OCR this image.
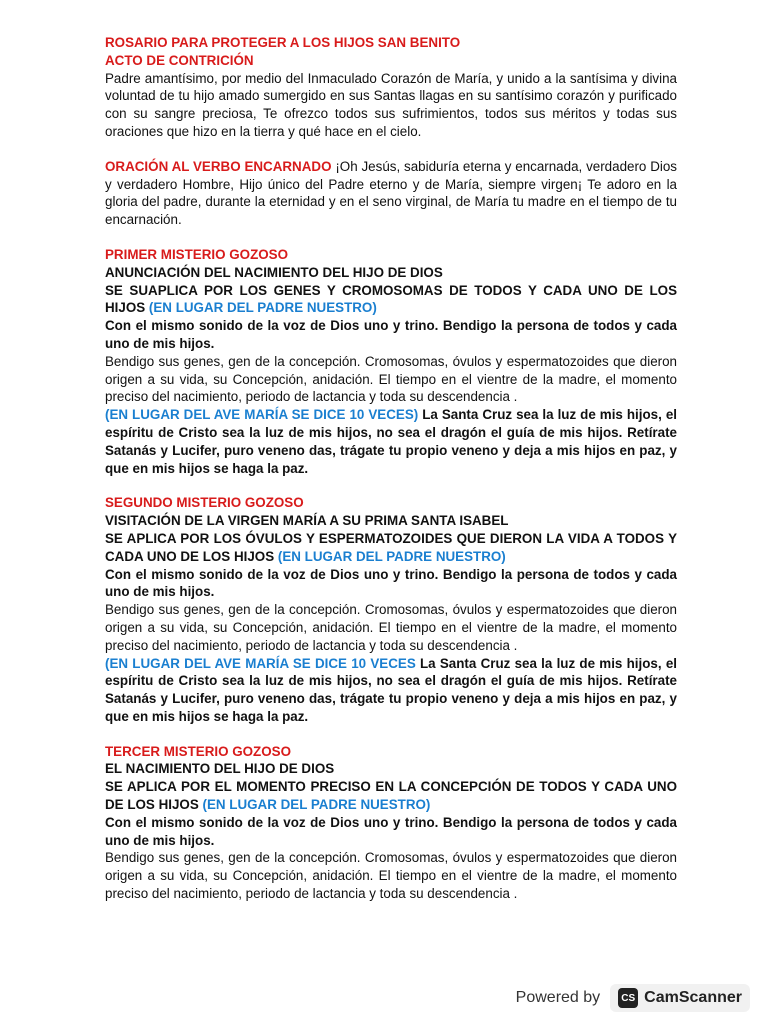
ROSARIO PARA PROTEGER A LOS HIJOS SAN BENITO

ACTO DE CONTRICIÓN

Padre amantísimo, por medio del Inmaculado Corazón de María, y unido a la santísima y divina voluntad de tu hijo amado sumergido en sus Santas llagas en su santísimo corazón y purificado con su sangre preciosa, Te ofrezco todos sus sufrimientos, todos sus méritos y todas sus oraciones que hizo en la tierra y qué hace en el cielo.

ORACIÓN AL VERBO ENCARNADO ¡Oh Jesús, sabiduría eterna y encarnada, verdadero Dios y verdadero Hombre, Hijo único del Padre eterno y de María, siempre virgen¡ Te adoro en la gloria del padre, durante la eternidad y en el seno virginal, de María tu madre en el tiempo de tu encarnación.

PRIMER MISTERIO GOZOSO

ANUNCIACIÓN DEL NACIMIENTO DEL HIJO DE DIOS

SE SUAPLICA POR LOS GENES Y CROMOSOMAS DE TODOS Y CADA UNO DE LOS HIJOS (EN LUGAR DEL PADRE NUESTRO)

Con el mismo sonido de la voz de Dios uno y trino. Bendigo la persona de todos y cada uno de mis hijos.

Bendigo sus genes, gen de la concepción. Cromosomas, óvulos y espermatozoides que dieron origen a su vida, su Concepción, anidación. El tiempo en el vientre de la madre, el momento preciso del nacimiento, periodo de lactancia y toda su descendencia .

(EN LUGAR DEL AVE MARÍA SE DICE 10 VECES) La Santa Cruz sea la luz de mis hijos, el espíritu de Cristo sea la luz de mis hijos, no sea el dragón el guía de mis hijos. Retírate Satanás y Lucifer, puro veneno das, trágate tu propio veneno y deja a mis hijos en paz, y que en mis hijos se haga la paz.

SEGUNDO MISTERIO GOZOSO

VISITACIÓN DE LA VIRGEN MARÍA A SU PRIMA SANTA ISABEL

SE APLICA POR LOS ÓVULOS Y ESPERMATOZOIDES QUE DIERON LA VIDA A TODOS Y CADA UNO DE LOS HIJOS (EN LUGAR DEL PADRE NUESTRO)

Con el mismo sonido de la voz de Dios uno y trino. Bendigo la persona de todos y cada uno de mis hijos.

Bendigo sus genes, gen de la concepción. Cromosomas, óvulos y espermatozoides que dieron origen a su vida, su Concepción, anidación. El tiempo en el vientre de la madre, el momento preciso del nacimiento, periodo de lactancia y toda su descendencia .

(EN LUGAR DEL AVE MARÍA SE DICE 10 VECES La Santa Cruz sea la luz de mis hijos, el espíritu de Cristo sea la luz de mis hijos, no sea el dragón el guía de mis hijos. Retírate Satanás y Lucifer, puro veneno das, trágate tu propio veneno y deja a mis hijos en paz, y que en mis hijos se haga la paz.

TERCER MISTERIO GOZOSO

EL NACIMIENTO DEL HIJO DE DIOS

SE APLICA POR EL MOMENTO PRECISO EN LA CONCEPCIÓN DE TODOS Y CADA UNO DE LOS HIJOS (EN LUGAR DEL PADRE NUESTRO)

Con el mismo sonido de la voz de Dios uno y trino. Bendigo la persona de todos y cada uno de mis hijos.

Bendigo sus genes, gen de la concepción. Cromosomas, óvulos y espermatozoides que dieron origen a su vida, su Concepción, anidación. El tiempo en el vientre de la madre, el momento preciso del nacimiento, periodo de lactancia y toda su descendencia .

Powered by	CS CamScanner
